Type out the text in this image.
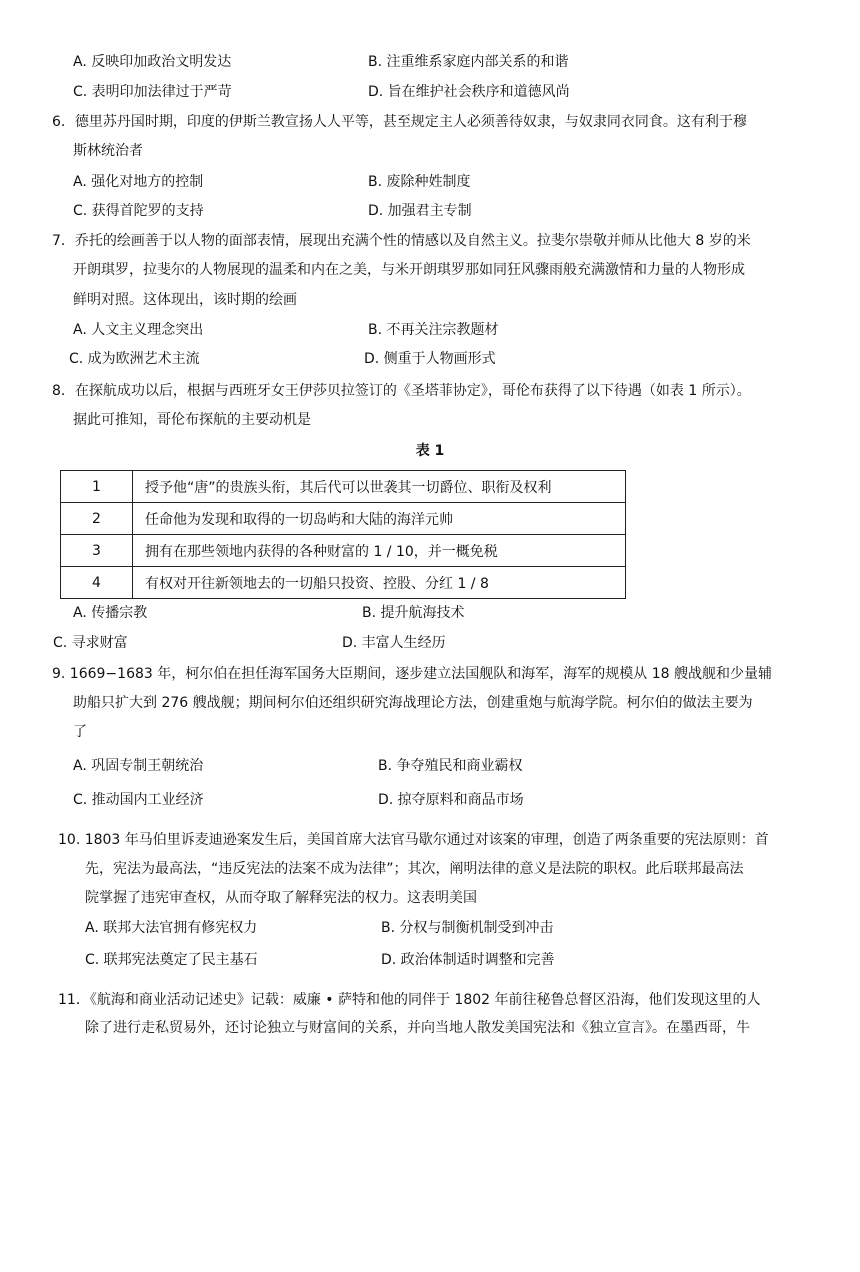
A. 反映印加政治文明发达	B. 注重维系家庭内部关系的和谐
C. 表明印加法律过于严苛	D. 旨在维护社会秩序和道德风尚
6．德里苏丹国时期，印度的伊斯兰教宣扬人人平等，甚至规定主人必须善待奴隶，与奴隶同衣同食。这有利于穆
斯林统治者
A. 强化对地方的控制	B. 废除种姓制度
C. 获得首陀罗的支持	D. 加强君主专制
7．乔托的绘画善于以人物的面部表情，展现出充满个性的情感以及自然主义。拉斐尔崇敬并师从比他大 8 岁的米
开朗琪罗，拉斐尔的人物展现的温柔和内在之美，与米开朗琪罗那如同狂风骤雨般充满激情和力量的人物形成
鲜明对照。这体现出，该时期的绘画
A. 人文主义理念突出	B. 不再关注宗教题材
C. 成为欧洲艺术主流	D. 侧重于人物画形式
8．在探航成功以后，根据与西班牙女王伊莎贝拉签订的《圣塔菲协定》，哥伦布获得了以下待遇（如表 1 所示）。
据此可推知，哥伦布探航的主要动机是
表 1
1	授予他“唐”的贵族头衔，其后代可以世袭其一切爵位、职衔及权利
2	任命他为发现和取得的一切岛屿和大陆的海洋元帅
3	拥有在那些领地内获得的各种财富的 1 / 10，并一概免税
4	有权对开往新领地去的一切船只投资、控股、分红 1 / 8
A. 传播宗教	B. 提升航海技术
C. 寻求财富	D. 丰富人生经历
9. 1669−1683 年，柯尔伯在担任海军国务大臣期间，逐步建立法国舰队和海军，海军的规模从 18 艘战舰和少量辅
助船只扩大到 276 艘战舰；期间柯尔伯还组织研究海战理论方法，创建重炮与航海学院。柯尔伯的做法主要为
了
A. 巩固专制王朝统治	B. 争夺殖民和商业霸权
C. 推动国内工业经济	D. 掠夺原料和商品市场
10. 1803 年马伯里诉麦迪逊案发生后，美国首席大法官马歇尔通过对该案的审理，创造了两条重要的宪法原则：首
先，宪法为最高法，“违反宪法的法案不成为法律”；其次，阐明法律的意义是法院的职权。此后联邦最高法
院掌握了违宪审查权，从而夺取了解释宪法的权力。这表明美国
A. 联邦大法官拥有修宪权力	B. 分权与制衡机制受到冲击
C. 联邦宪法奠定了民主基石	D. 政治体制适时调整和完善
11．《航海和商业活动记述史》记载：威廉 • 萨特和他的同伴于 1802 年前往秘鲁总督区沿海，他们发现这里的人
除了进行走私贸易外，还讨论独立与财富间的关系，并向当地人散发美国宪法和《独立宣言》。在墨西哥，牛
